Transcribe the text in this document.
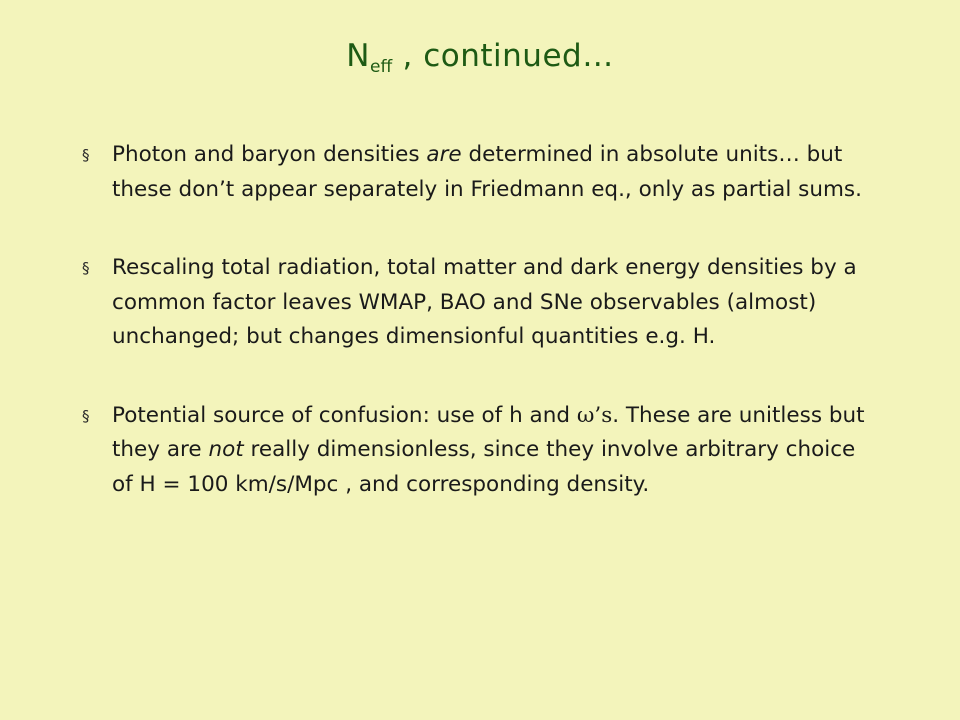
$N_{eff}$ , continued…
§ Photon and baryon densities are determined in absolute units… but these don’t appear separately in Friedmann eq., only as partial sums.
§ Rescaling total radiation, total matter and dark energy densities by a common factor leaves WMAP, BAO and SNe observables (almost) unchanged; but changes dimensionful quantities e.g. H.
§ Potential source of confusion: use of h and ω’s. These are unitless but they are not really dimensionless, since they involve arbitrary choice of H = 100 km/s/Mpc , and corresponding density.
